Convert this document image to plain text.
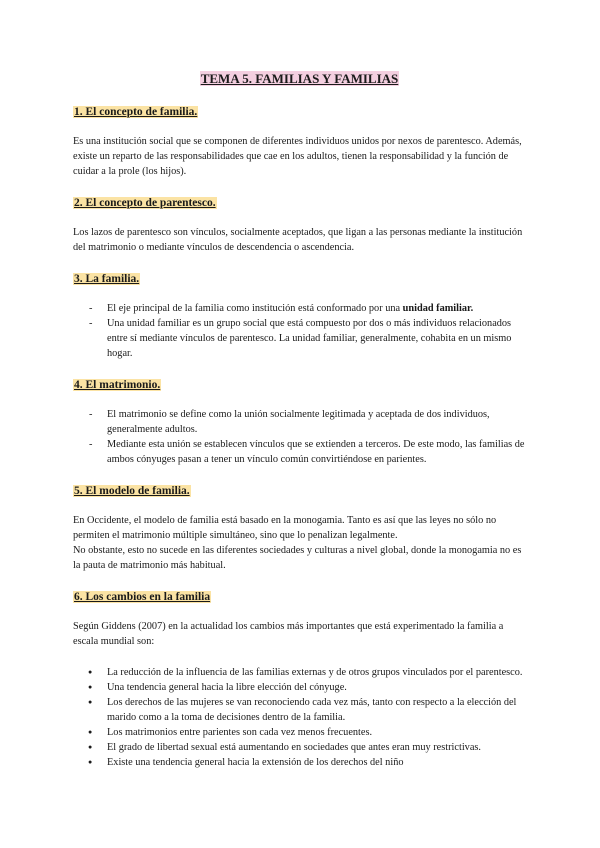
TEMA 5. FAMILIAS Y FAMILIAS
1. El concepto de familia.

Es una institución social que se componen de diferentes individuos unidos por nexos de parentesco. Además, existe un reparto de las responsabilidades que cae en los adultos, tienen la responsabilidad y la función de cuidar a la prole (los hijos).

2. El concepto de parentesco.

Los lazos de parentesco son vínculos, socialmente aceptados, que ligan a las personas mediante la institución del matrimonio o mediante vínculos de descendencia o ascendencia.

3. La familia.
- El eje principal de la familia como institución está conformado por una unidad familiar.
- Una unidad familiar es un grupo social que está compuesto por dos o más individuos relacionados entre sí mediante vínculos de parentesco. La unidad familiar, generalmente, cohabita en un mismo hogar.
4. El matrimonio.
- El matrimonio se define como la unión socialmente legitimada y aceptada de dos individuos, generalmente adultos.
- Mediante esta unión se establecen vínculos que se extienden a terceros. De este modo, las familias de ambos cónyuges pasan a tener un vínculo común convirtiéndose en parientes.
5. El modelo de familia.

En Occidente, el modelo de familia está basado en la monogamia. Tanto es así que las leyes no sólo no permiten el matrimonio múltiple simultáneo, sino que lo penalizan legalmente.

No obstante, esto no sucede en las diferentes sociedades y culturas a nivel global, donde la monogamia no es la pauta de matrimonio más habitual.

6. Los cambios en la familia

Según Giddens (2007) en la actualidad los cambios más importantes que está experimentado la familia a escala mundial son:

● La reducción de la influencia de las familias externas y de otros grupos vinculados por el parentesco.
● Una tendencia general hacia la libre elección del cónyuge.
● Los derechos de las mujeres se van reconociendo cada vez más, tanto con respecto a la elección del marido como a la toma de decisiones dentro de la familia.
● Los matrimonios entre parientes son cada vez menos frecuentes.
● El grado de libertad sexual está aumentando en sociedades que antes eran muy restrictivas.
● Existe una tendencia general hacia la extensión de los derechos del niño
